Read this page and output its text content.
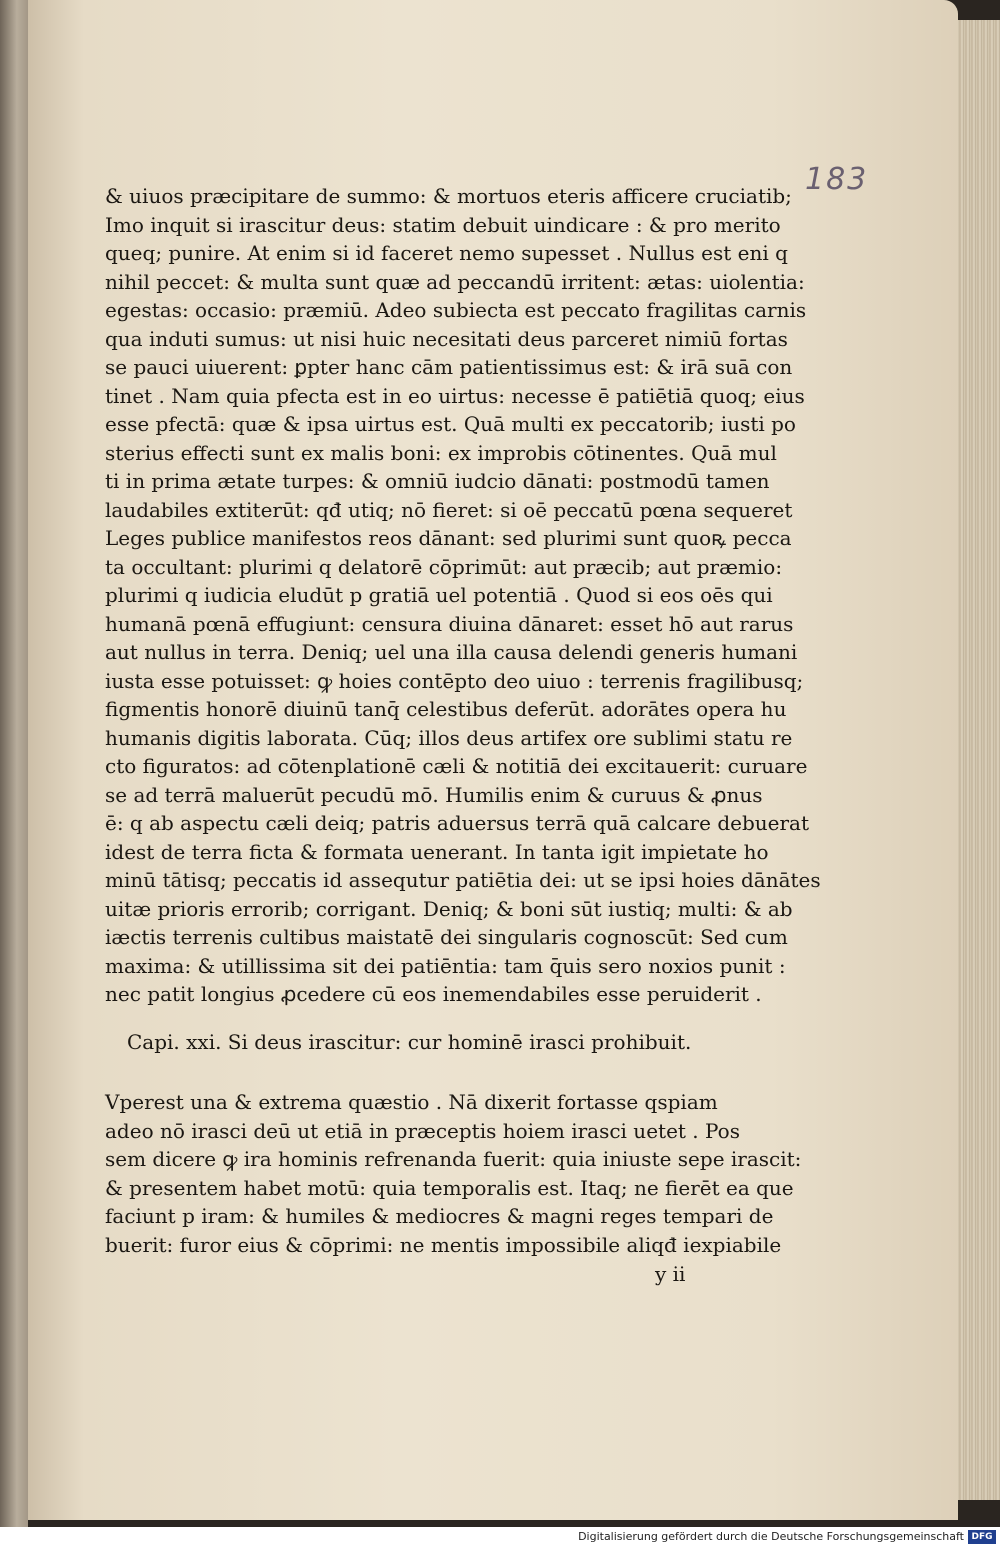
183
& uiuos præcipitare de summo: & mortuos eteris afficere cruciatib;
Imo inquit si irascitur deus: statim debuit uindicare : & pro merito
queq; punire. At enim si id faceret nemo supesset . Nullus est eni q
nihil peccet: & multa sunt quæ ad peccandū irritent: ætas: uiolentia:
egestas: occasio: præmiū. Adeo subiecta est peccato fragilitas carnis
qua induti sumus: ut nisi huic necesitati deus parceret nimiū fortas
se pauci uiuerent: ꝑpter hanc cām patientissimus est: & irā suā con
tinet . Nam quia pfecta est in eo uirtus: necesse ē patiētiā quoq; eius
esse pfectā: quæ & ipsa uirtus est. Quā multi ex peccatorib; iusti po
sterius effecti sunt ex malis boni: ex improbis cōtinentes. Quā mul
ti in prima ætate turpes: & omniū iudcio dānati: postmodū tamen
laudabiles extiterūt: qđ utiq; nō fieret: si oē peccatū pœna sequeret
Leges publice manifestos reos dānant: sed plurimi sunt quoꝶ pecca
ta occultant: plurimi q delatorē cōprimūt: aut præcib; aut præmio:
plurimi q iudicia eludūt p gratiā uel potentiā . Quod si eos oēs qui
humanā pœnā effugiunt: censura diuina dānaret: esset hō aut rarus
aut nullus in terra. Deniq; uel una illa causa delendi generis humani
iusta esse potuisset: ꝙ hoies contēpto deo uiuo : terrenis fragilibusq;
figmentis honorē diuinū tanq̄ celestibus deferūt. adorātes opera hu
humanis digitis laborata. Cūq; illos deus artifex ore sublimi statu re
cto figuratos: ad cōtenplationē cæli & notitiā dei excitauerit: curuare
se ad terrā maluerūt pecudū mō. Humilis enim & curuus & ꝓnus
ē: q ab aspectu cæli deiq; patris aduersus terrā quā calcare debuerat
idest de terra ficta & formata uenerant. In tanta igit impietate ho
minū tātisq; peccatis id assequtur patiētia dei: ut se ipsi hoies dānātes
uitæ prioris errorib; corrigant. Deniq; & boni sūt iustiq; multi: & ab
iæctis terrenis cultibus maistatē dei singularis cognoscūt: Sed cum
maxima: & utillissima sit dei patiēntia: tam q̄uis sero noxios punit :
nec patit longius ꝓcedere cū eos inemendabiles esse peruiderit .
Capi. xxi. Si deus irascitur: cur hominē irasci prohibuit.
Vperest una & extrema quæstio . Nā dixerit fortasse qspiam
adeo nō irasci deū ut etiā in præceptis hoiem irasci uetet . Pos
sem dicere ꝙ ira hominis refrenanda fuerit: quia iniuste sepe irascit:
& presentem habet motū: quia temporalis est. Itaq; ne fierēt ea que
faciunt p iram: & humiles & mediocres & magni reges tempari de
buerit: furor eius & cōprimi: ne mentis impossibile aliqđ iexpiabile
y ii
Digitalisierung gefördert durch die Deutsche Forschungsgemeinschaft DFG
